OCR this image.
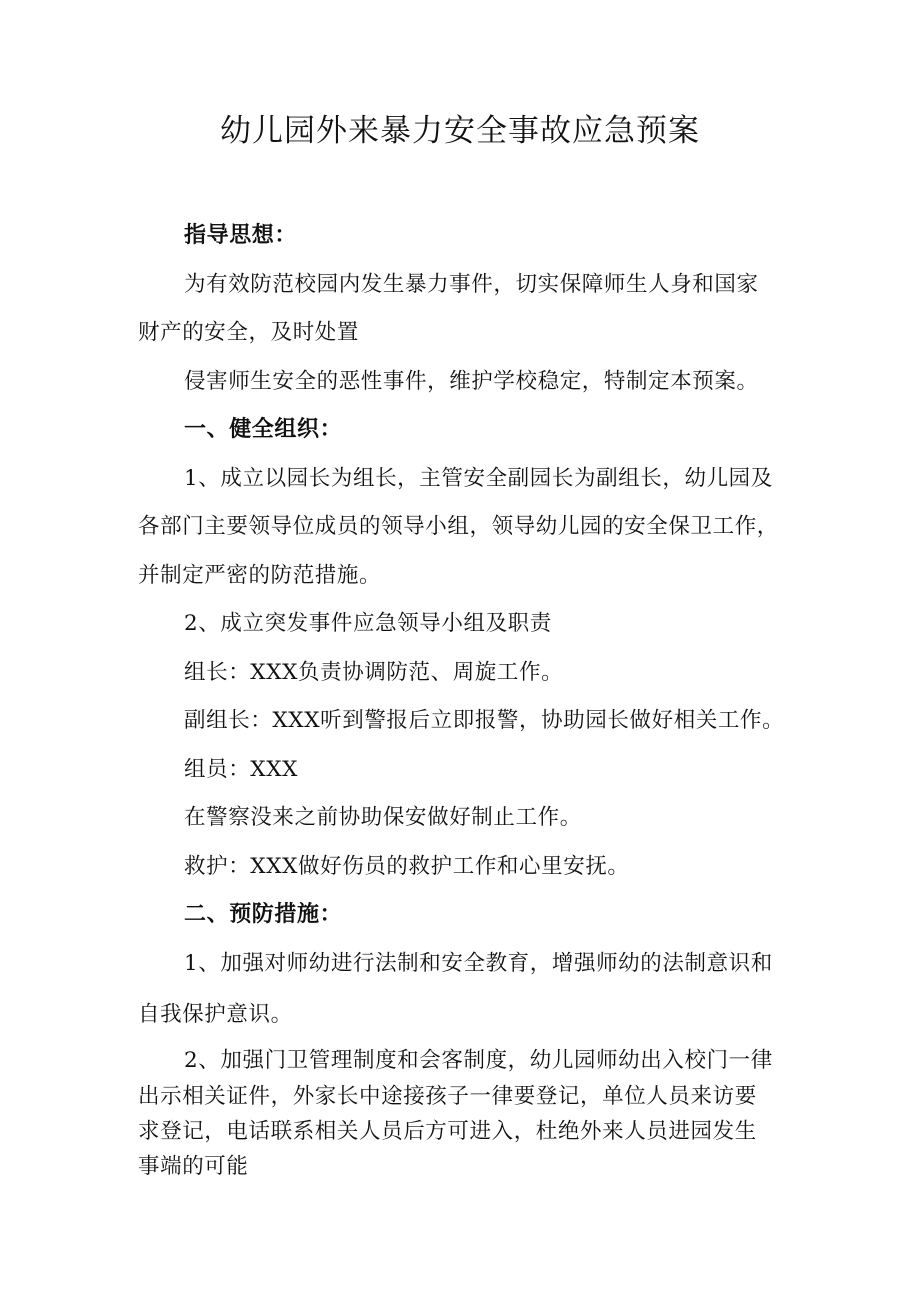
幼儿园外来暴力安全事故应急预案

指导思想：

为有效防范校园内发生暴力事件，切实保障师生人身和国家

财产的安全，及时处置

侵害师生安全的恶性事件，维护学校稳定，特制定本预案。

一、健全组织：

1、成立以园长为组长，主管安全副园长为副组长，幼儿园及

各部门主要领导位成员的领导小组，领导幼儿园的安全保卫工作，

并制定严密的防范措施。

2、成立突发事件应急领导小组及职责

组长：XXX负责协调防范、周旋工作。

副组长：XXX听到警报后立即报警，协助园长做好相关工作。

组员：XXX

在警察没来之前协助保安做好制止工作。

救护：XXX做好伤员的救护工作和心里安抚。

二、预防措施：

1、加强对师幼进行法制和安全教育，增强师幼的法制意识和

自我保护意识。

2、加强门卫管理制度和会客制度，幼儿园师幼出入校门一律

出示相关证件，外家长中途接孩子一律要登记，单位人员来访要

求登记，电话联系相关人员后方可进入，杜绝外来人员进园发生

事端的可能
